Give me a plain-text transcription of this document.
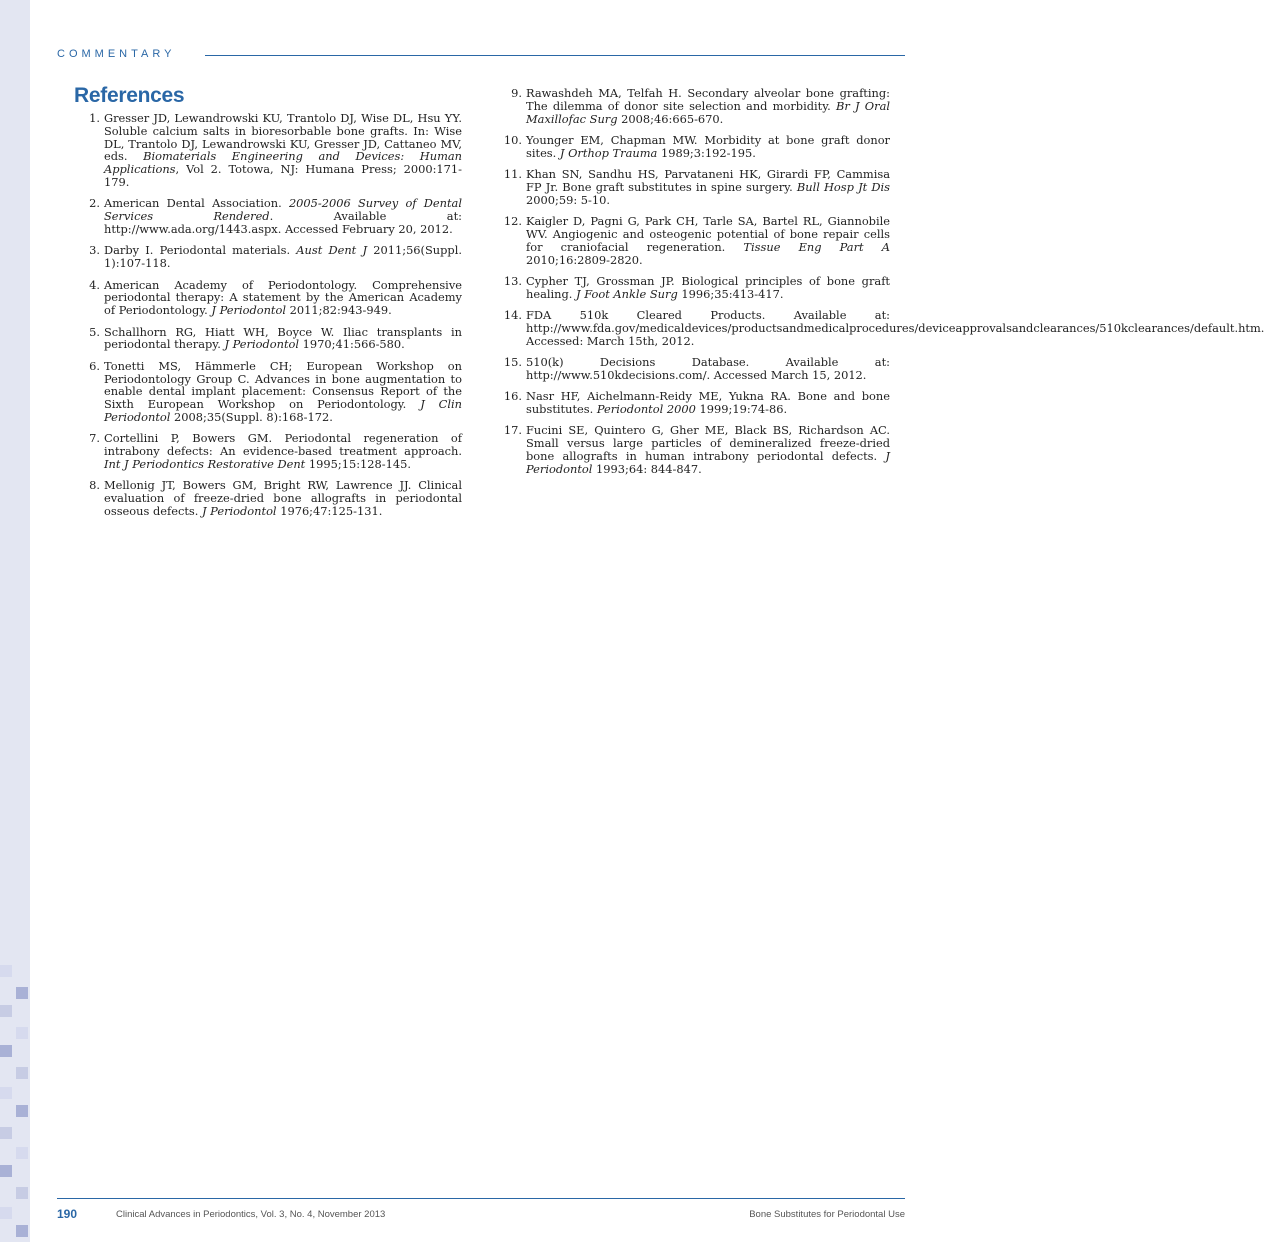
COMMENTARY
References
1. Gresser JD, Lewandrowski KU, Trantolo DJ, Wise DL, Hsu YY. Soluble calcium salts in bioresorbable bone grafts. In: Wise DL, Trantolo DJ, Lewandrowski KU, Gresser JD, Cattaneo MV, eds. Biomaterials Engineering and Devices: Human Applications, Vol 2. Totowa, NJ: Humana Press; 2000:171-179.
2. American Dental Association. 2005-2006 Survey of Dental Services Rendered. Available at: http://www.ada.org/1443.aspx. Accessed February 20, 2012.
3. Darby I. Periodontal materials. Aust Dent J 2011;56(Suppl. 1):107-118.
4. American Academy of Periodontology. Comprehensive periodontal therapy: A statement by the American Academy of Periodontology. J Periodontol 2011;82:943-949.
5. Schallhorn RG, Hiatt WH, Boyce W. Iliac transplants in periodontal therapy. J Periodontol 1970;41:566-580.
6. Tonetti MS, Hämmerle CH; European Workshop on Periodontology Group C. Advances in bone augmentation to enable dental implant placement: Consensus Report of the Sixth European Workshop on Periodontology. J Clin Periodontol 2008;35(Suppl. 8):168-172.
7. Cortellini P, Bowers GM. Periodontal regeneration of intrabony defects: An evidence-based treatment approach. Int J Periodontics Restorative Dent 1995;15:128-145.
8. Mellonig JT, Bowers GM, Bright RW, Lawrence JJ. Clinical evaluation of freeze-dried bone allografts in periodontal osseous defects. J Periodontol 1976;47:125-131.
9. Rawashdeh MA, Telfah H. Secondary alveolar bone grafting: The dilemma of donor site selection and morbidity. Br J Oral Maxillofac Surg 2008;46:665-670.
10. Younger EM, Chapman MW. Morbidity at bone graft donor sites. J Orthop Trauma 1989;3:192-195.
11. Khan SN, Sandhu HS, Parvataneni HK, Girardi FP, Cammisa FP Jr. Bone graft substitutes in spine surgery. Bull Hosp Jt Dis 2000;59: 5-10.
12. Kaigler D, Pagni G, Park CH, Tarle SA, Bartel RL, Giannobile WV. Angiogenic and osteogenic potential of bone repair cells for craniofacial regeneration. Tissue Eng Part A 2010;16:2809-2820.
13. Cypher TJ, Grossman JP. Biological principles of bone graft healing. J Foot Ankle Surg 1996;35:413-417.
14. FDA 510k Cleared Products. Available at: http://www.fda.gov/medicaldevices/productsandmedicalprocedures/deviceapprovalsandclearances/510kclearances/default.htm. Accessed: March 15th, 2012.
15. 510(k) Decisions Database. Available at: http://www.510kdecisions.com/. Accessed March 15, 2012.
16. Nasr HF, Aichelmann-Reidy ME, Yukna RA. Bone and bone substitutes. Periodontol 2000 1999;19:74-86.
17. Fucini SE, Quintero G, Gher ME, Black BS, Richardson AC. Small versus large particles of demineralized freeze-dried bone allografts in human intrabony periodontal defects. J Periodontol 1993;64: 844-847.
190	Clinical Advances in Periodontics, Vol. 3, No. 4, November 2013	Bone Substitutes for Periodontal Use
